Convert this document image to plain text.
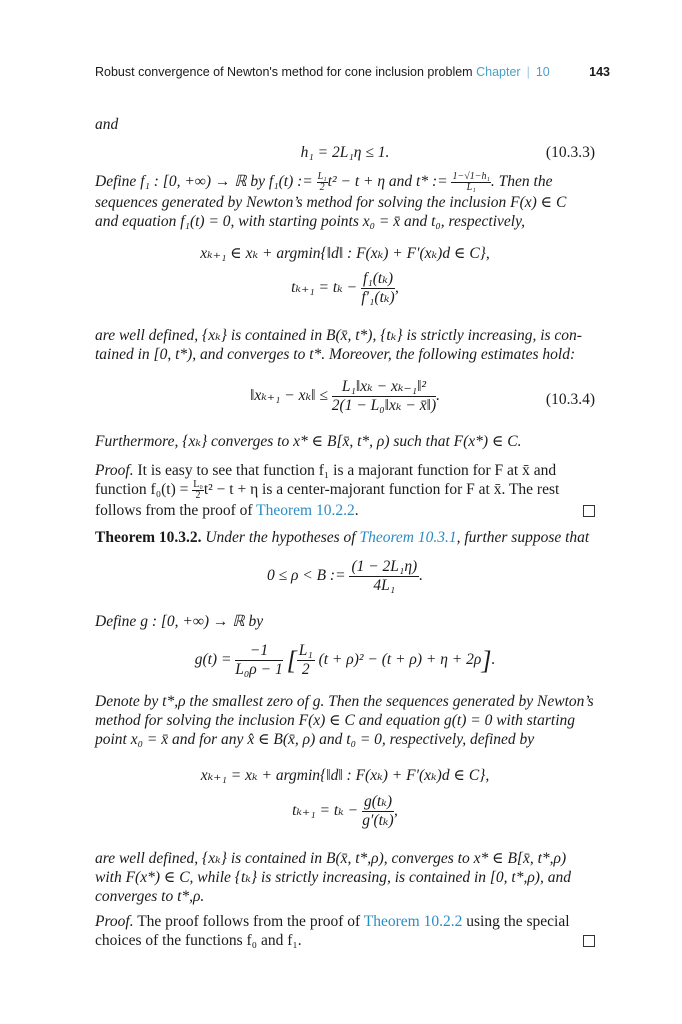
Robust convergence of Newton's method for cone inclusion problem Chapter | 10	143
and
h₁ = 2L₁η ≤ 1.	(10.3.3)
Define f₁ : [0, +∞) → ℝ by f₁(t) := $\frac{\text{L₁}}{2} t^2 - t + \eta$ and t* := $\frac{\text{1−√1−h₁}}{\text{L₁}}$ . Then the
sequences generated by Newton’s method for solving the inclusion F(x) ∈ C
and equation f₁(t) = 0, with starting points x₀ = x̄ and t₀, respectively,
xₖ₊₁ ∈ xₖ + argmin{‖d‖ : F(xₖ) + F′(xₖ)d ∈ C},
$t_{k+1} = t_k - \frac{\text{f₁(tₖ)}}{\text{f′₁(tₖ)}}$ ,
are well defined, {xₖ} is contained in B(x̄, t*), {tₖ} is strictly increasing, is con-
tained in [0, t*), and converges to t*. Moreover, the following estimates hold:
‖xₖ₊₁ − xₖ‖ ≤ $\frac{\text{L₁‖xₖ − xₖ₋₁‖²}}{\text{2(1 − L₀‖xₖ − x̄‖)}}$ .	(10.3.4)
Furthermore, {xₖ} converges to x* ∈ B[x̄, t*, ρ) such that F(x*) ∈ C.
Proof. It is easy to see that function f₁ is a majorant function for F at x̄ and
function $f_0(t) = \frac{\text{L₀}}{2} t^2 - t + \eta$ is a center-majorant function for F at x̄. The rest
follows from the proof of Theorem 10.2.2.
Theorem 10.3.2. Under the hypotheses of Theorem 10.3.1, further suppose that
0 ≤ ρ < B := $\frac{\text{(1 − 2L₁η)}}{\text{4L₁}}$ .
Define g : [0, +∞) → ℝ by
$g(t) = \frac{-1}{\text{L₀ρ − 1}}$ [ $\frac{\text{L₁}}{2} (t + \rho)^2 - (t + \rho) + \eta + 2\rho$].
Denote by t*,ρ the smallest zero of g. Then the sequences generated by Newton’s
method for solving the inclusion F(x) ∈ C and equation g(t) = 0 with starting
point x₀ = x̄ and for any x̂ ∈ B(x̄, ρ) and t₀ = 0, respectively, defined by
xₖ₊₁ = xₖ + argmin{‖d‖ : F(xₖ) + F′(xₖ)d ∈ C},
$t_{k+1} = t_k - \frac{\text{g(tₖ)}}{\text{g′(tₖ)}}$ ,
are well defined, {xₖ} is contained in B(x̄, t*,ρ), converges to x* ∈ B[x̄, t*,ρ)
with F(x*) ∈ C, while {tₖ} is strictly increasing, is contained in [0, t*,ρ), and
converges to t*,ρ.
Proof. The proof follows from the proof of Theorem 10.2.2 using the special
choices of the functions f₀ and f₁.
